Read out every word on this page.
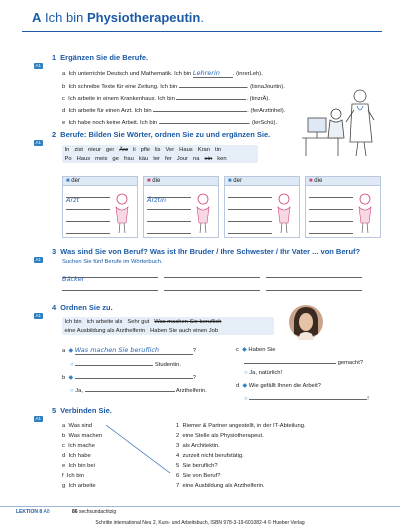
A Ich bin Physiotherapeutin.
A1
1 Ergänzen Sie die Berufe.
a Ich unterrichte Deutsch und Mathematik. Ich bin Lehrerin . (inrerLeh).
b Ich schreibe Texte für eine Zeitung. Ich bin	. (lisnaJourtin).
c Ich arbeite in einem Krankenhaus. Ich bin	. (tinzrÄ).
d Ich arbeite für einen Arzt. Ich bin	. (ferArztinhel).
e Ich habe noch keine Arbeit. Ich bin	. (lerSchü).
A1
2 Berufe: Bilden Sie Wörter, ordnen Sie zu und ergänzen Sie.
In zist nieur ger Ärz li pfle lis Ver Haus Kran tin
Po Haus meis ge frau käu ter fer Jour na ein ken
■ der
Arzt
■ die
Ärztin
■ der	■ die
A1
3 Was sind Sie von Beruf? Was ist Ihr Bruder / Ihre Schwester / Ihr Vater ... von Beruf?
Suchen Sie fünf Berufe im Wörterbuch.
Bäcker
A1
4 Ordnen Sie zu.
Ich bin ich arbeite als Sehr gut Was machen Sie beruflich
eine Ausbildung als Arzthelferin Haben Sie auch einen Job
a ◆ Was machen Sie beruflich	?
○	Studentin.
b ◆	?
○ Ja,	Arzthelferin.
c ◆ Haben Sie
gemacht?
○ Ja, natürlich!
d ◆ Wie gefällt Ihnen die Arbeit?
○	!
A1
5 Verbinden Sie.
a Was sind
b Was machen
c Ich mache
d Ich habe
e Ich bin bei
f Ich bin
g Ich arbeite
1 Riemer & Partner angestellt, in der IT-Abteilung.
2 eine Stelle als Physiotherapeut.
3 als Architektin.
4 zurzeit nicht berufstätig.
5 Sie beruflich?
6 Sie von Beruf?
7 eine Ausbildung als Arzthelferin.
LEKTION 8 A8	86 sechsundachtzig
Schritte international Neu 2, Kurs- und Arbeitsbuch, ISBN 978-3-19-601082-4 © Hueber Verlag
